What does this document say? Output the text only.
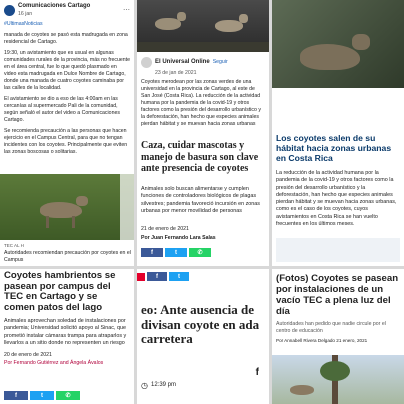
Comunicaciones Cartago
16 jan	⋯
#UltimasNoticias
manada de coyotes se pasó esta madrugada en zona residencial de Cartago.
19:30, un avistamiento que es usual en algunas comunidades rurales de la provincia, más no frecuente en el área central, fue lo que quedó plasmado en video esta madrugada en Dulce Nombre de Cartago, donde una manada de cuatro coyotes caminaba por las calles de la localidad.
El avistamiento se dio a eso de las 4:00am en las cercanías al supermercado Pali de la comunidad, según señaló el autor del video a Comunicaciones Cartago.
Se recomienda precaución a las personas que hacen ejercicio en el Campus Central, para que no tengan incidentes con los coyotes. Principalmente que eviten las zonas boscosas o solitarias.
TEC AL H
Autoridades recomiendan precaución por coyotes en el Campus
El Universal Online Seguir
23 de jan de 2021
Coyotes merodean por las zonas verdes de una universidad en la provincia de Cartago, al este de San José (Costa Rica). La reducción de la actividad humana por la pandemia de la covid-19 y otros factores como la presión del desarrollo urbanístico y la deforestación, han hecho que especies animales pierdan hábitat y se muevan hacia zonas urbanas
Caza, cuidar mascotas y manejo de basura son clave ante presencia de coyotes
Animales solo buscan alimentarse y cumplen funciones de controladores biológicos de plagas silvestres; pandemia favoreció incursión en zonas urbanas por menor movilidad de personas
21 de enero de 2021
Por Juan Fernando Lara Salas
f	t	✆
Los coyotes salen de su hábitat hacia zonas urbanas en Costa Rica
La reducción de la actividad humana por la pandemia de la covid-19 y otros factores como la presión del desarrollo urbanístico y la deforestación, han hecho que especies animales pierdan hábitat y se muevan hacia zonas urbanas, como es el caso de los coyotes, cuyos avistamientos en Costa Rica se han vuelto frecuentes en los últimos meses.
Coyotes hambrientos se pasean por campus del TEC en Cartago y se comen patos del lago
Animales aprovechan soledad de instalaciones por pandemia; Universidad solicitó apoyo al Sinac, que prometió instalar cámaras trampa para atraparlos y llevarlos a un sitio donde no representen un riesgo
20 de enero de 2021
Por Fernando Gutiérrez and Ángela Ávalos
f	t	✆
f	t
eo: Ante ausencia de divisan coyote en ada carretera
f
◷ 12:39 pm
(Fotos) Coyotes se pasean por instalaciones de un vacío TEC a plena luz del día
Autoridades han pedido que nadie circule por el centro de educación
Por Annabell Rivera Delgado 21 enero, 2021
